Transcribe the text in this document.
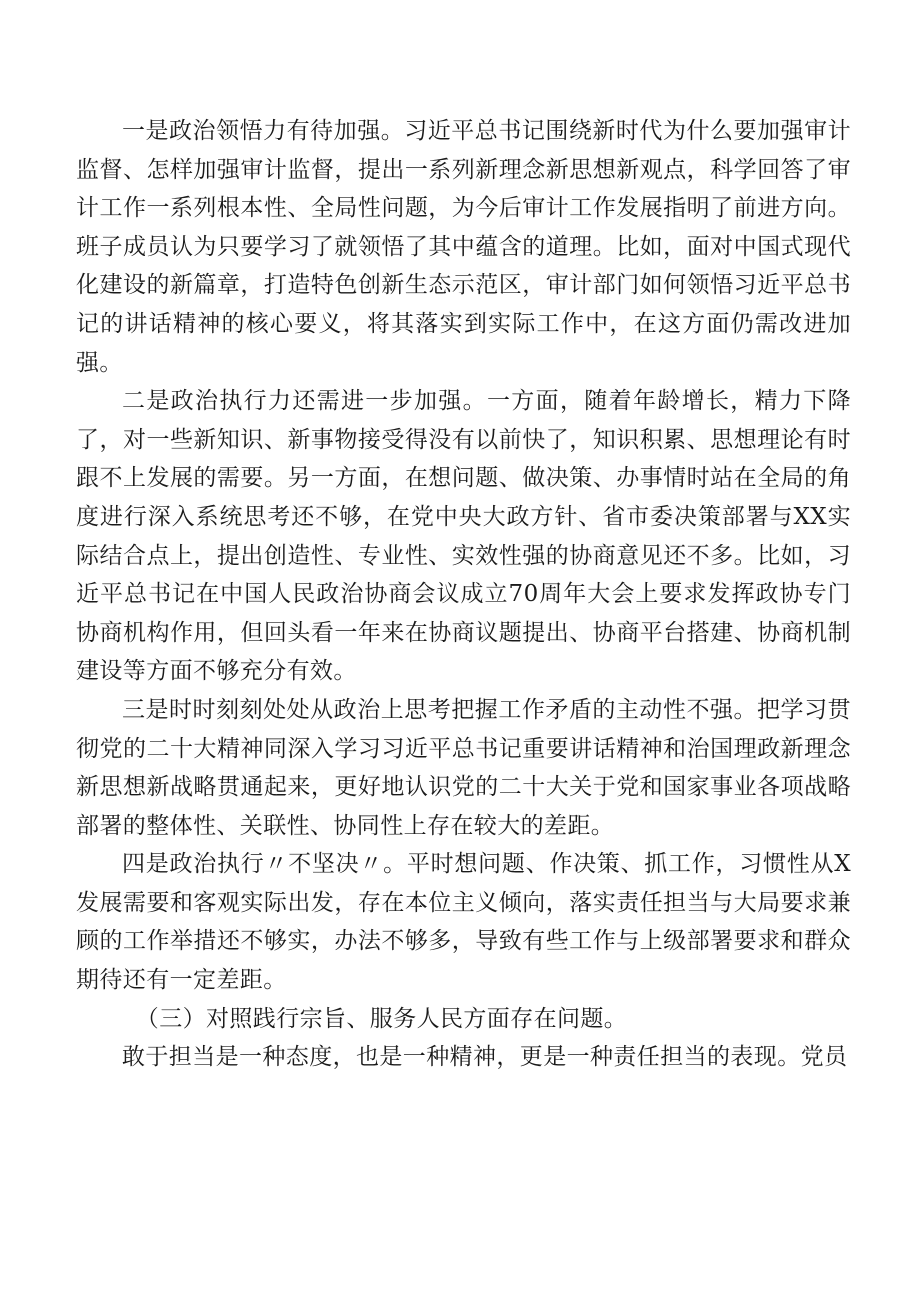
一是政治领悟力有待加强。习近平总书记围绕新时代为什么要加强审计监督、怎样加强审计监督，提出一系列新理念新思想新观点，科学回答了审计工作一系列根本性、全局性问题，为今后审计工作发展指明了前进方向。班子成员认为只要学习了就领悟了其中蕴含的道理。比如，面对中国式现代化建设的新篇章，打造特色创新生态示范区，审计部门如何领悟习近平总书记的讲话精神的核心要义，将其落实到实际工作中，在这方面仍需改进加强。

二是政治执行力还需进一步加强。一方面，随着年龄增长，精力下降了，对一些新知识、新事物接受得没有以前快了，知识积累、思想理论有时跟不上发展的需要。另一方面，在想问题、做决策、办事情时站在全局的角度进行深入系统思考还不够，在党中央大政方针、省市委决策部署与XX实际结合点上，提出创造性、专业性、实效性强的协商意见还不多。比如，习近平总书记在中国人民政治协商会议成立70周年大会上要求发挥政协专门协商机构作用，但回头看一年来在协商议题提出、协商平台搭建、协商机制建设等方面不够充分有效。

三是时时刻刻处处从政治上思考把握工作矛盾的主动性不强。把学习贯彻党的二十大精神同深入学习习近平总书记重要讲话精神和治国理政新理念新思想新战略贯通起来，更好地认识党的二十大关于党和国家事业各项战略部署的整体性、关联性、协同性上存在较大的差距。

四是政治执行〃不坚决〃。平时想问题、作决策、抓工作，习惯性从X发展需要和客观实际出发，存在本位主义倾向，落实责任担当与大局要求兼顾的工作举措还不够实，办法不够多，导致有些工作与上级部署要求和群众期待还有一定差距。

（三）对照践行宗旨、服务人民方面存在问题。

敢于担当是一种态度，也是一种精神，更是一种责任担当的表现。党员
